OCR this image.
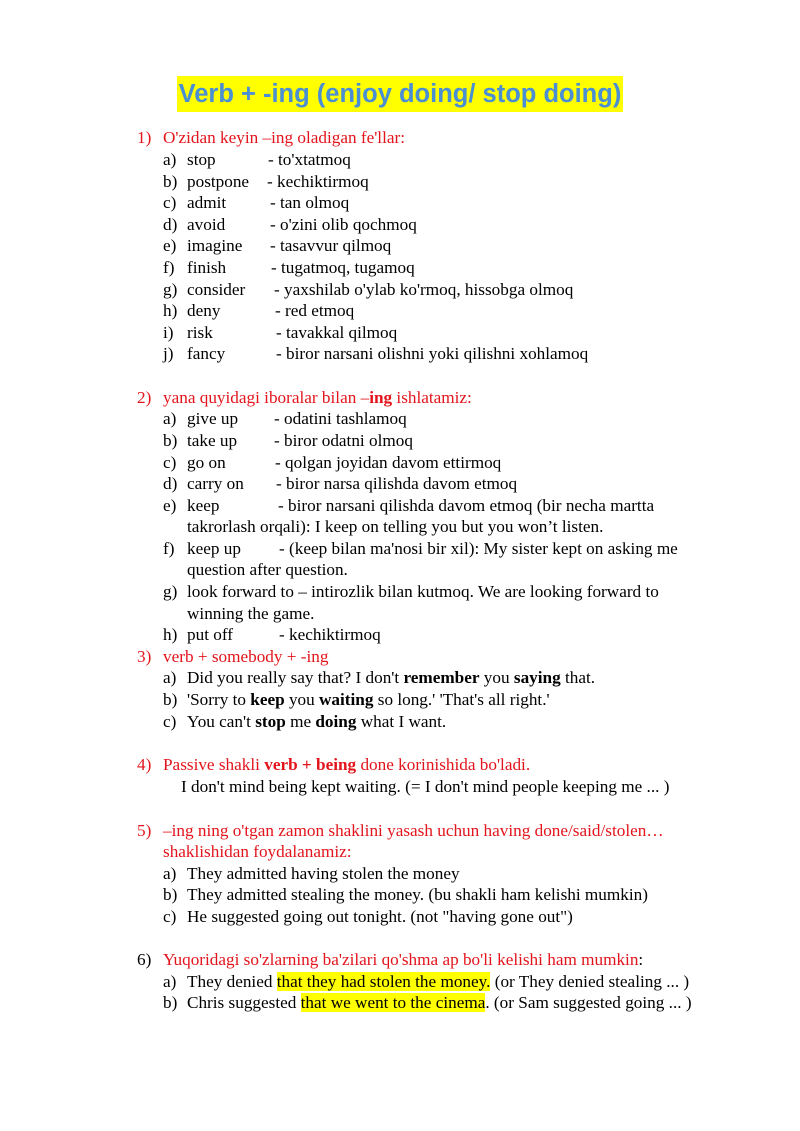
Verb + -ing (enjoy doing/ stop doing)
1) O'zidan keyin –ing oladigan fe'llar:
a) stop	- to'xtatmoq
b) postpone - kechiktirmoq
c) admit	- tan olmoq
d) avoid	- o'zini olib qochmoq
e) imagine - tasavvur qilmoq
f) finish	- tugatmoq, tugamoq
g) consider - yaxshilab o'ylab ko'rmoq, hissobga olmoq
h) deny	- red etmoq
i) risk	- tavakkal qilmoq
j) fancy	- biror narsani olishni yoki qilishni xohlamoq
2) yana quyidagi iboralar bilan –ing ishlatamiz:
a) give up - odatini tashlamoq
b) take up - biror odatni olmoq
c) go on	- qolgan joyidan davom ettirmoq
d) carry on - biror narsa qilishda davom etmoq
e) keep	- biror narsani qilishda davom etmoq (bir necha martta
takrorlash orqali): I keep on telling you but you won’t listen.
f) keep up - (keep bilan ma'nosi bir xil): My sister kept on asking me
question after question.
g) look forward to – intirozlik bilan kutmoq. We are looking forward to
winning the game.
h) put off	- kechiktirmoq
3) verb + somebody + -ing
a) Did you really say that? I don't remember you saying that.
b) 'Sorry to keep you waiting so long.' 'That's all right.'
c) You can't stop me doing what I want.
4) Passive shakli verb + being done korinishida bo'ladi.
I don't mind being kept waiting. (= I don't mind people keeping me ... )
5) –ing ning o'tgan zamon shaklini yasash uchun having done/said/stolen…
shaklishidan foydalanamiz:
a) They admitted having stolen the money
b) They admitted stealing the money. (bu shakli ham kelishi mumkin)
c) He suggested going out tonight. (not "having gone out")
6) Yuqoridagi so'zlarning ba'zilari qo'shma ap bo'li kelishi ham mumkin:
a) They denied that they had stolen the money. (or They denied stealing ... )
b) Chris suggested that we went to the cinema. (or Sam suggested going ... )
